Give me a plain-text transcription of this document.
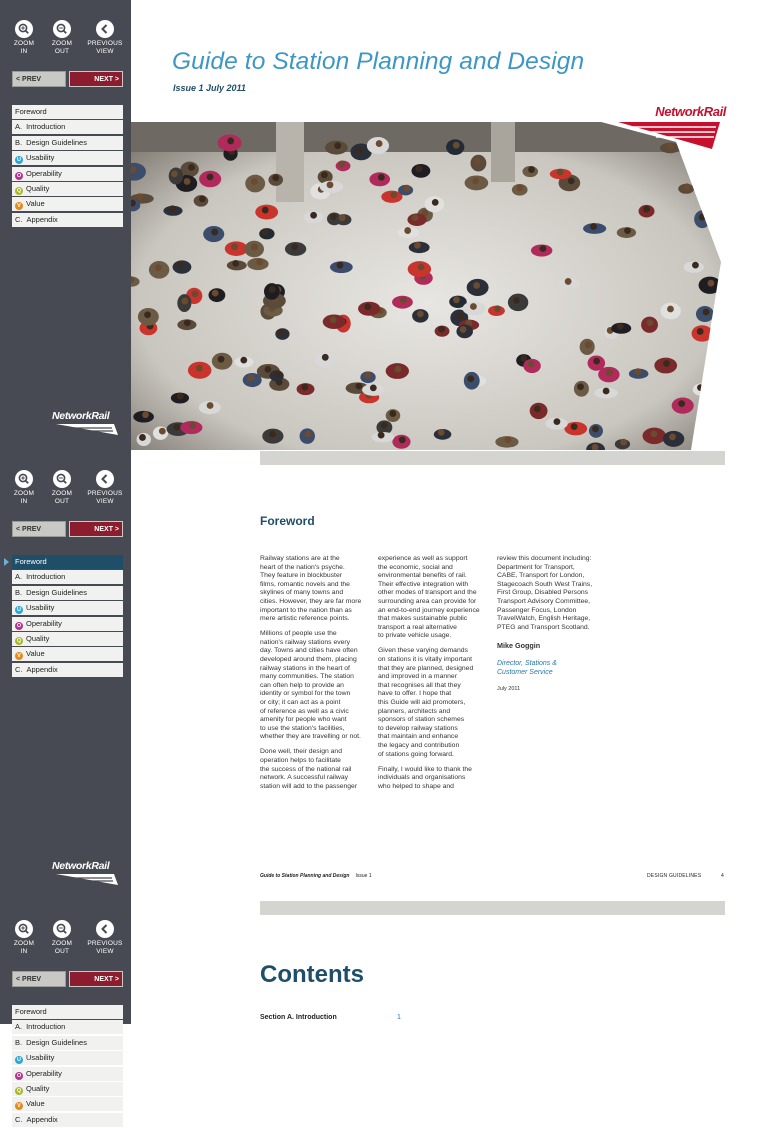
ZOOM
IN
ZOOM
OUT
PREVIOUS
VIEW
< PREV	NEXT >
Foreword
A. Introduction
B. Design Guidelines
U Usability
O Operability
Q Quality
V Value
C. Appendix
NetworkRail
Guide to Station Planning and Design
Issue 1 July 2011
NetworkRail
ZOOM
IN
ZOOM
OUT
PREVIOUS
VIEW
< PREV	NEXT >
Foreword
A. Introduction
B. Design Guidelines
U Usability
O Operability
Q Quality
V Value
C. Appendix
NetworkRail
Foreword

Railway stations are at the
heart of the nation's psyche.
They feature in blockbuster
films, romantic novels and the
skylines of many towns and
cities. However, they are far more
important to the nation than as
mere artistic reference points.

Millions of people use the
nation's railway stations every
day. Towns and cities have often
developed around them, placing
railway stations in the heart of
many communities. The station
can often help to provide an
identity or symbol for the town
or city; it can act as a point
of reference as well as a civic
amenity for people who want
to use the station's facilities,
whether they are travelling or not.

Done well, their design and
operation helps to facilitate
the success of the national rail
network. A successful railway
station will add to the passenger

experience as well as support
the economic, social and
environmental benefits of rail.
Their effective integration with
other modes of transport and the
surrounding area can provide for
an end-to-end journey experience
that makes sustainable public
transport a real alternative
to private vehicle usage.

Given these varying demands
on stations it is vitally important
that they are planned, designed
and improved in a manner
that recognises all that they
have to offer. I hope that
this Guide will aid promoters,
planners, architects and
sponsors of station schemes
to develop railway stations
that maintain and enhance
the legacy and contribution
of stations going forward.

Finally, I would like to thank the
individuals and organisations
who helped to shape and

review this document including:
Department for Transport,
CABE, Transport for London,
Stagecoach South West Trains,
First Group, Disabled Persons
Transport Advisory Committee,
Passenger Focus, London
TravelWatch, English Heritage,
PTEG and Transport Scotland.

Mike Goggin
Director, Stations &
Customer Service
July 2011
Guide to Station Planning and Design Issue 1	DESIGN GUIDELINES	4
ZOOM
IN
ZOOM
OUT
PREVIOUS
VIEW
< PREV	NEXT >
Foreword
A. Introduction
B. Design Guidelines
U Usability
O Operability
Q Quality
V Value
C. Appendix
Contents
Section A. Introduction	1
